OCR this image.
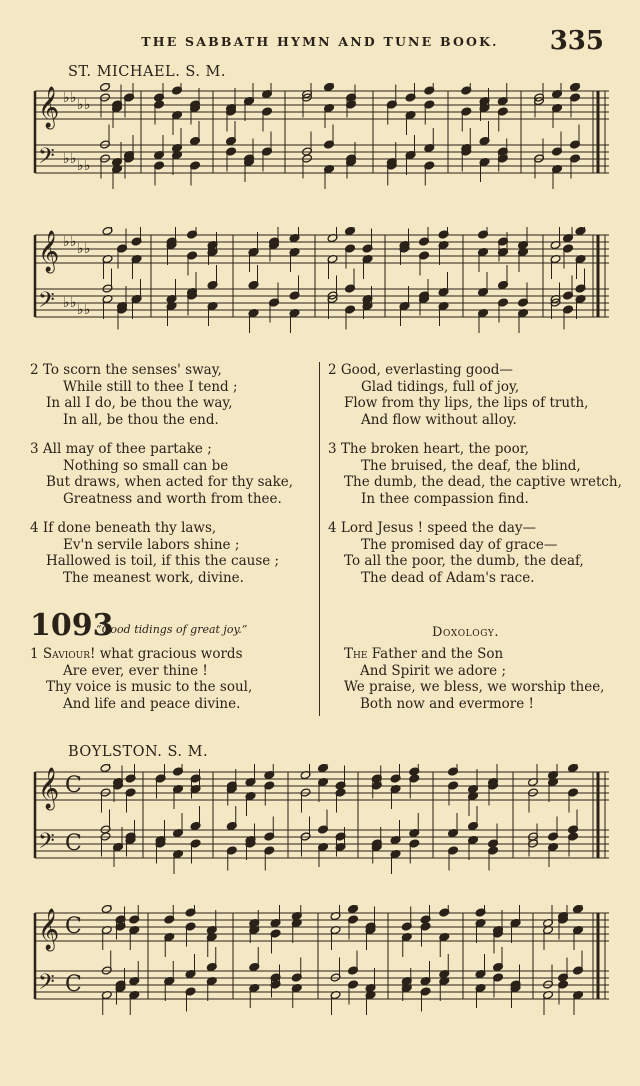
THE SABBATH HYMN AND TUNE BOOK.	335
ST. MICHAEL. S. M.
𝄞 ♭ ♭ ♭ ♭
𝄢 ♭ ♭ ♭ ♭
𝄞 ♭ ♭ ♭ ♭
𝄢 ♭ ♭ ♭ ♭
2 To scorn the senses' sway,
While still to thee I tend ;
In all I do, be thou the way,
In all, be thou the end.
3 All may of thee partake ;
Nothing so small can be
But draws, when acted for thy sake,
Greatness and worth from thee.
4 If done beneath thy laws,
Ev'n servile labors shine ;
Hallowed is toil, if this the cause ;
The meanest work, divine.
2 Good, everlasting good—
Glad tidings, full of joy,
Flow from thy lips, the lips of truth,
And flow without alloy.
3 The broken heart, the poor,
The bruised, the deaf, the blind,
The dumb, the dead, the captive wretch,
In thee compassion find.
4 Lord Jesus ! speed the day—
The promised day of grace—
To all the poor, the dumb, the deaf,
The dead of Adam's race.
1093
“Good tidings of great joy.”
1 Saviour! what gracious words
Are ever, ever thine !
Thy voice is music to the soul,
And life and peace divine.
Doxology.
The Father and the Son
And Spirit we adore ;
We praise, we bless, we worship thee,
Both now and evermore !
BOYLSTON. S. M.
𝄞 C
𝄢 C
𝄞 C
𝄢 C
